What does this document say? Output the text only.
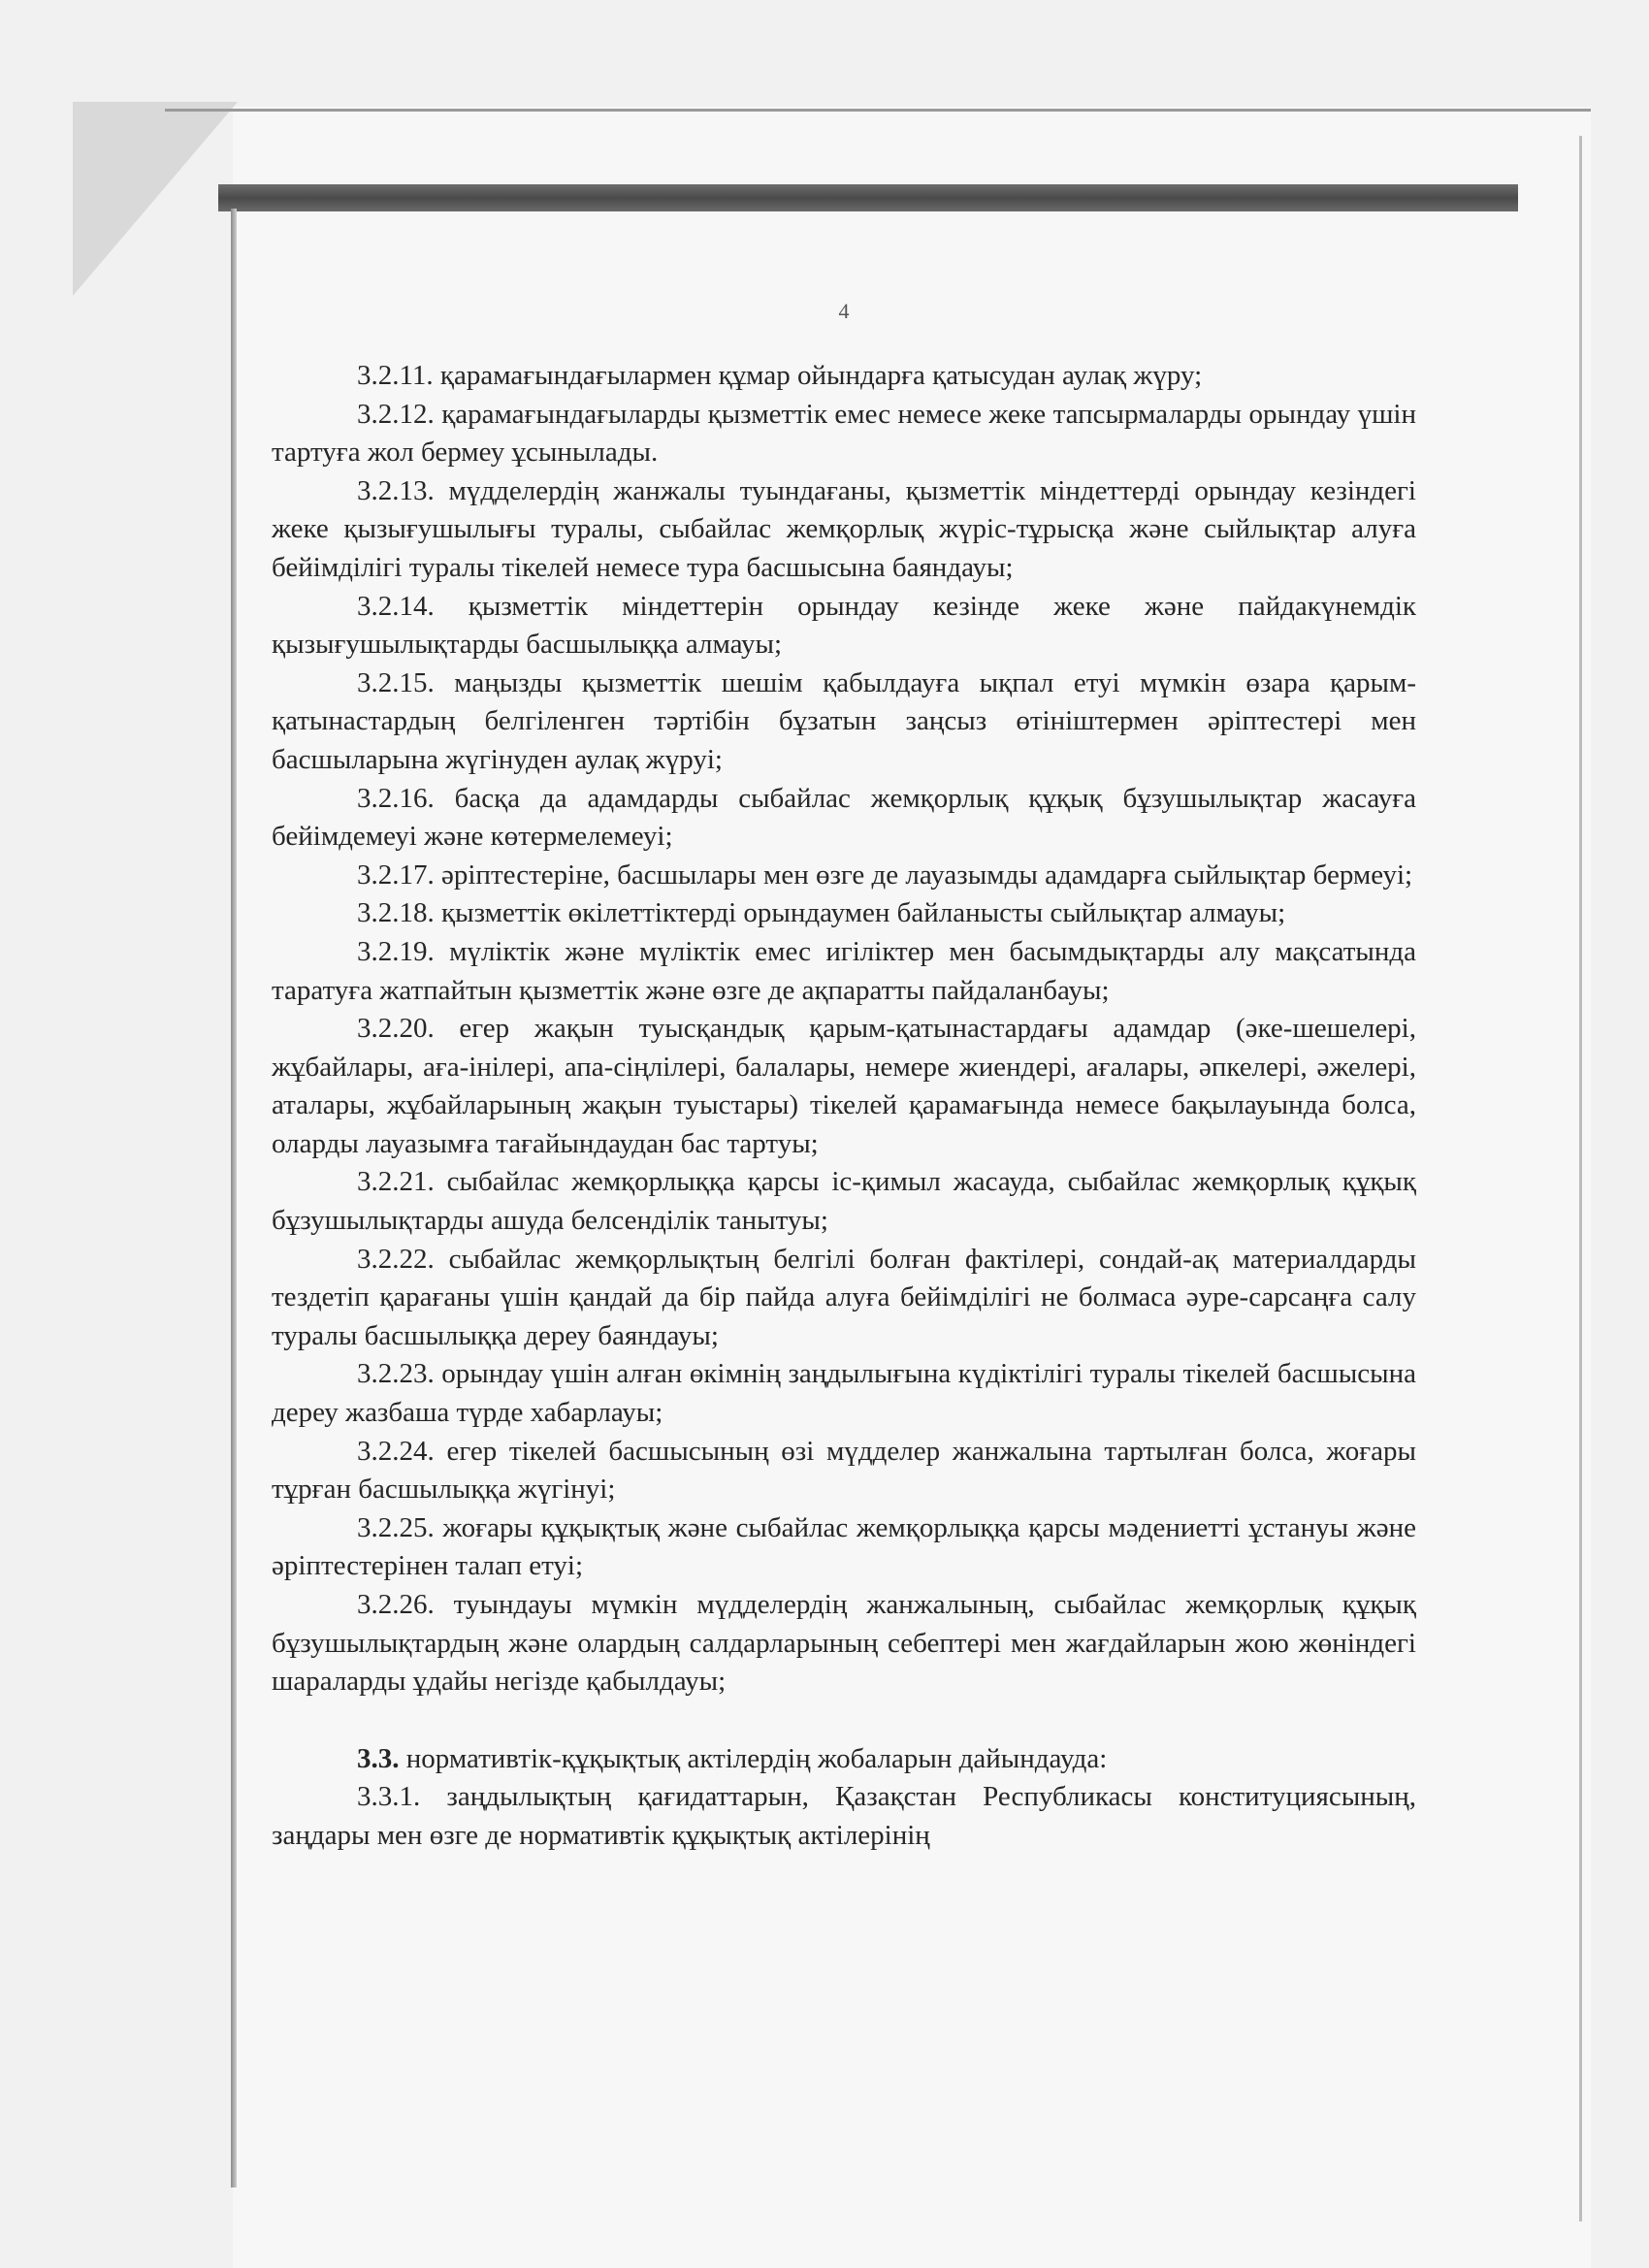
4

3.2.11. қарамағындағылармен құмар ойындарға қатысудан аулақ жүру;

3.2.12. қарамағындағыларды қызметтік емес немесе жеке тапсырмаларды орындау үшін тартуға жол бермеу ұсынылады.

3.2.13. мүдделердің жанжалы туындағаны, қызметтік міндеттерді орындау кезіндегі жеке қызығушылығы туралы, сыбайлас жемқорлық жүріс-тұрысқа және сыйлықтар алуға бейімділігі туралы тікелей немесе тура басшысына баяндауы;

3.2.14. қызметтік міндеттерін орындау кезінде жеке және пайдакүнемдік қызығушылықтарды басшылыққа алмауы;

3.2.15. маңызды қызметтік шешім қабылдауға ықпал етуі мүмкін өзара қарым-қатынастардың белгіленген тәртібін бұзатын заңсыз өтініштермен әріптестері мен басшыларына жүгінуден аулақ жүруі;

3.2.16. басқа да адамдарды сыбайлас жемқорлық құқық бұзушылықтар жасауға бейімдемеуі және көтермелемеуі;

3.2.17. әріптестеріне, басшылары мен өзге де лауазымды адамдарға сыйлықтар бермеуі;

3.2.18. қызметтік өкілеттіктерді орындаумен байланысты сыйлықтар алмауы;

3.2.19. мүліктік және мүліктік емес игіліктер мен басымдықтарды алу мақсатында таратуға жатпайтын қызметтік және өзге де ақпаратты пайдаланбауы;

3.2.20. егер жақын туысқандық қарым-қатынастардағы адамдар (әке-шешелері, жұбайлары, аға-інілері, апа-сіңлілері, балалары, немере жиендері, ағалары, әпкелері, әжелері, аталары, жұбайларының жақын туыстары) тікелей қарамағында немесе бақылауында болса, оларды лауазымға тағайындаудан бас тартуы;

3.2.21. сыбайлас жемқорлыққа қарсы іс-қимыл жасауда, сыбайлас жемқорлық құқық бұзушылықтарды ашуда белсенділік танытуы;

3.2.22. сыбайлас жемқорлықтың белгілі болған фактілері, сондай-ақ материалдарды тездетіп қарағаны үшін қандай да бір пайда алуға бейімділігі не болмаса әуре-сарсаңға салу туралы басшылыққа дереу баяндауы;

3.2.23. орындау үшін алған өкімнің заңдылығына күдіктілігі туралы тікелей басшысына дереу жазбаша түрде хабарлауы;

3.2.24. егер тікелей басшысының өзі мүдделер жанжалына тартылған болса, жоғары тұрған басшылыққа жүгінуі;

3.2.25. жоғары құқықтық және сыбайлас жемқорлыққа қарсы мәдениетті ұстануы және әріптестерінен талап етуі;

3.2.26. туындауы мүмкін мүдделердің жанжалының, сыбайлас жемқорлық құқық бұзушылықтардың және олардың салдарларының себептері мен жағдайларын жою жөніндегі шараларды ұдайы негізде қабылдауы;

3.3. нормативтік-құқықтық актілердің жобаларын дайындауда:

3.3.1. заңдылықтың қағидаттарын, Қазақстан Республикасы конституциясының, заңдары мен өзге де нормативтік құқықтық актілерінің
